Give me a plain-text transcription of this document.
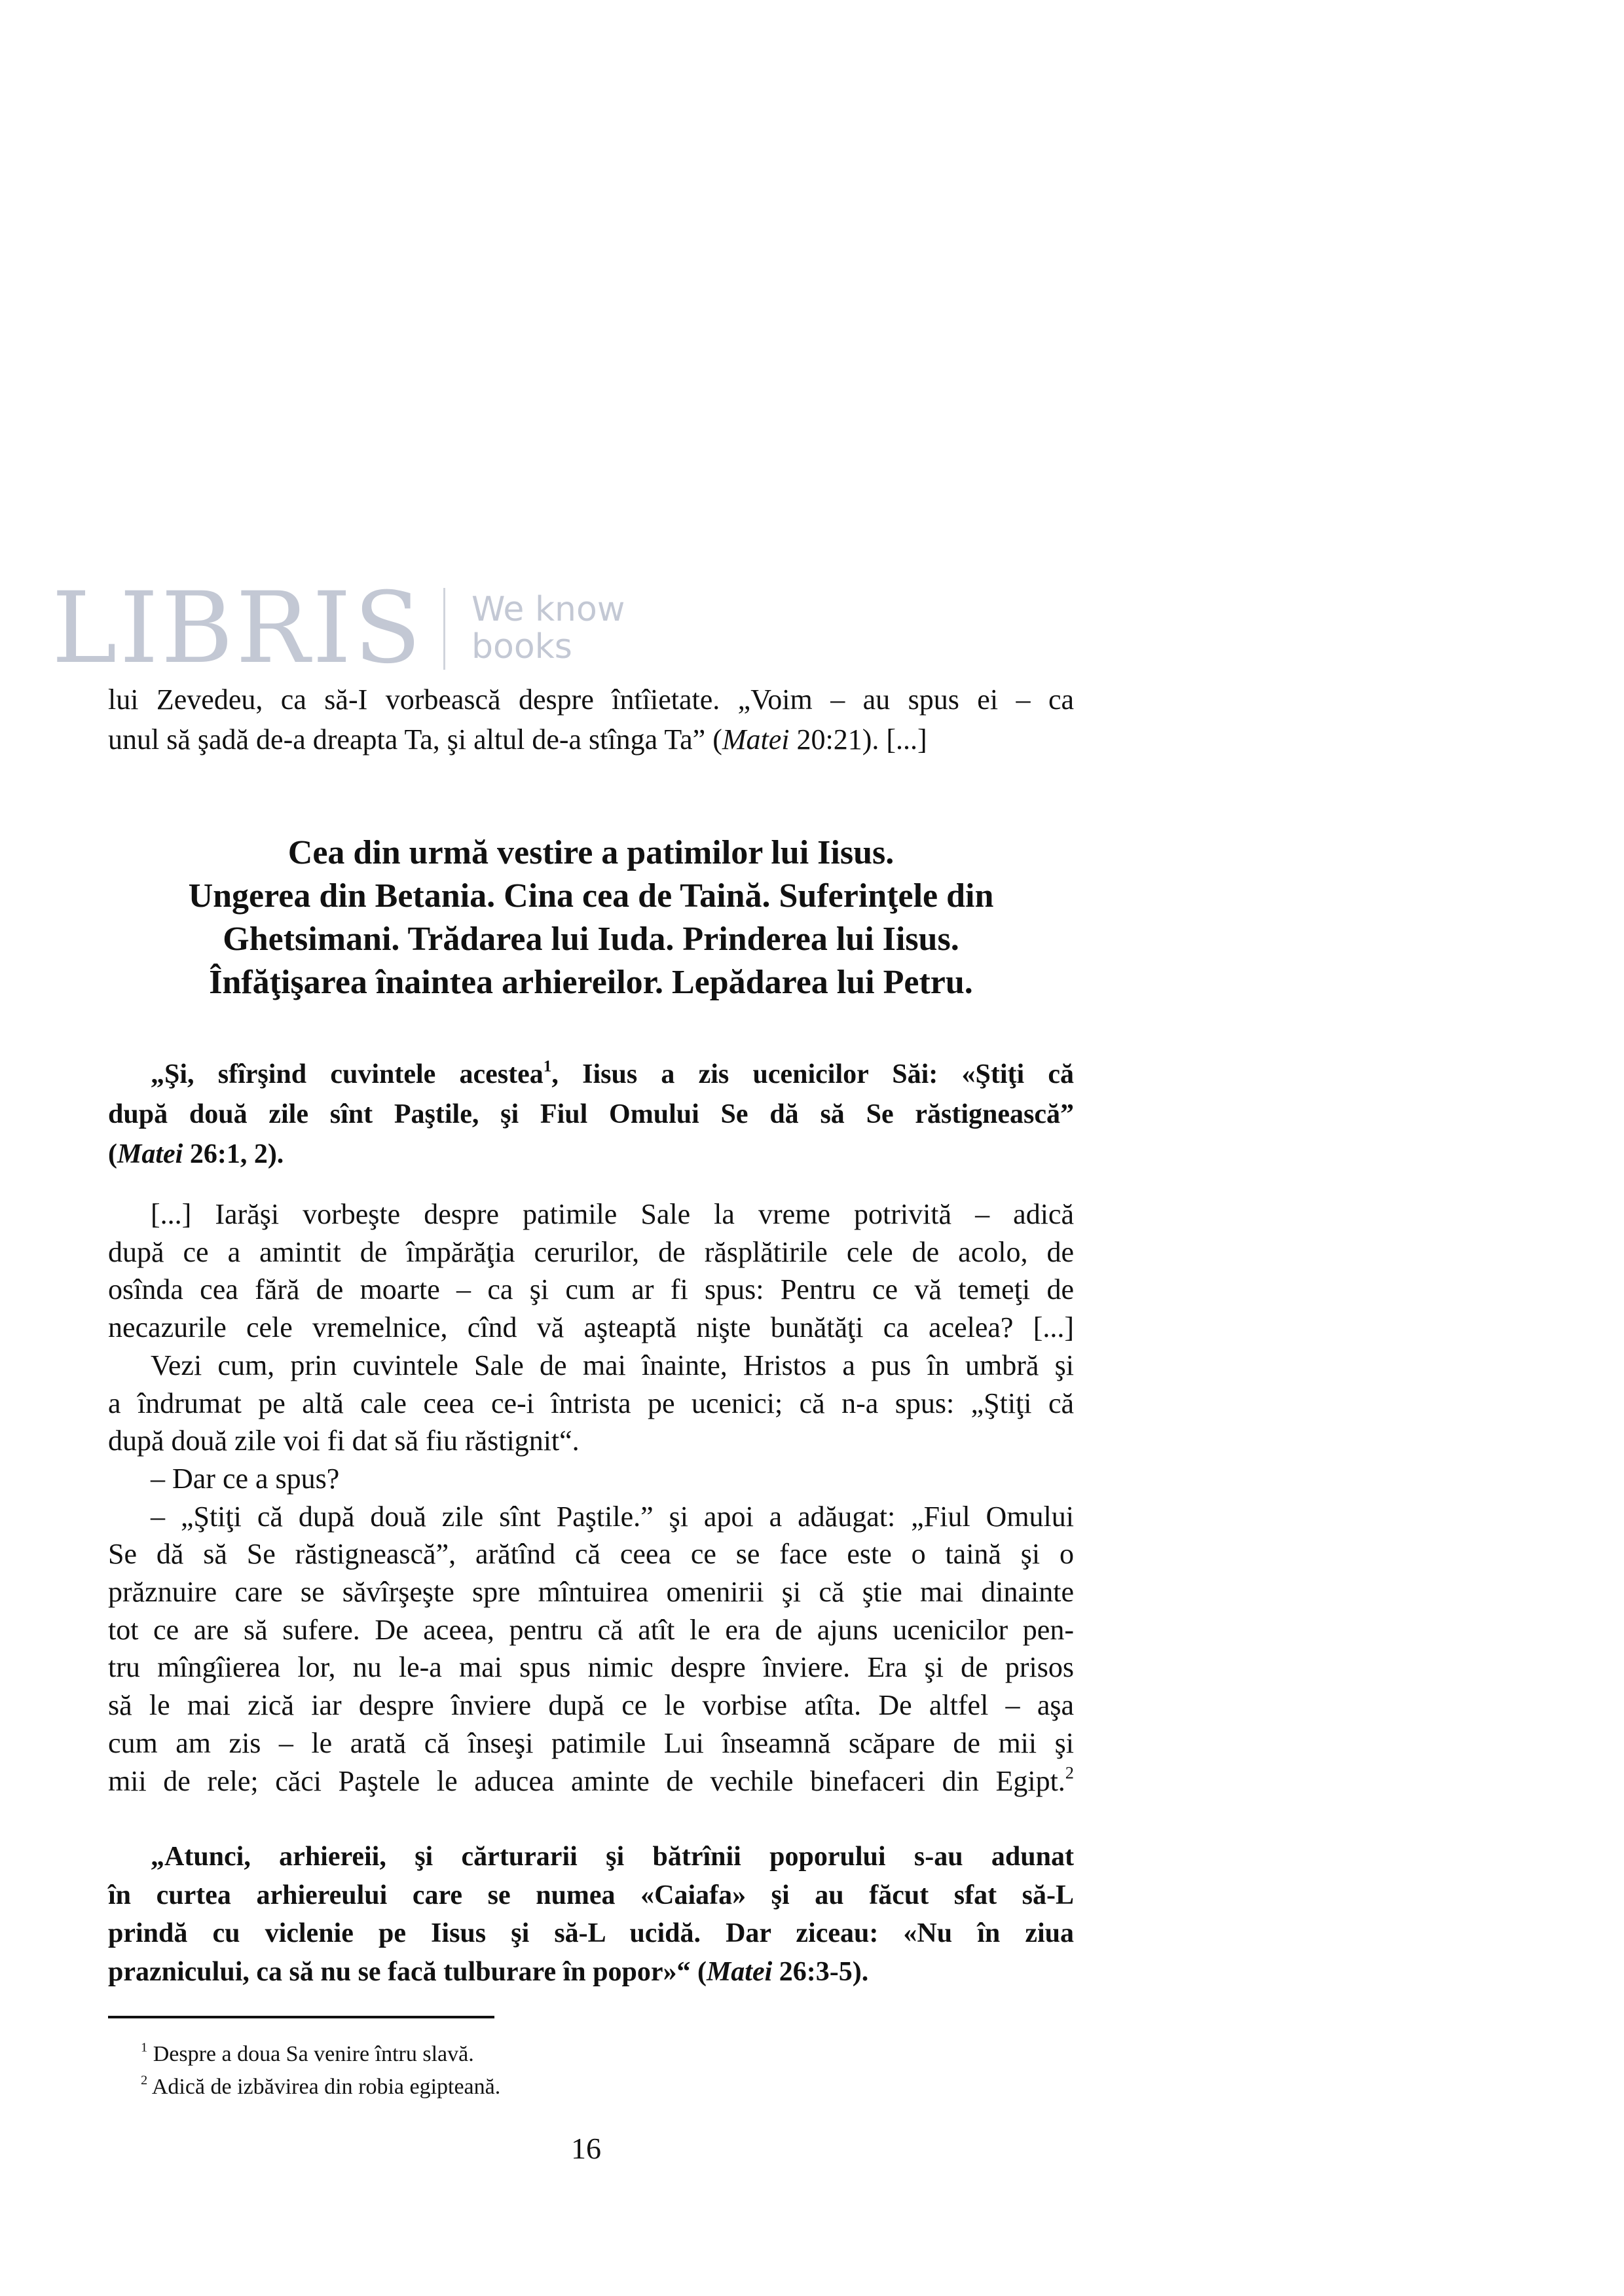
LIBRIS We know
books
lui Zevedeu, ca să-I vorbească despre întîietate. „Voim – au spus ei – ca
unul să şadă de-a dreapta Ta, şi altul de-a stînga Ta” (Matei 20:21). [...]
Cea din urmă vestire a patimilor lui Iisus.
Ungerea din Betania. Cina cea de Taină. Suferinţele din
Ghetsimani. Trădarea lui Iuda. Prinderea lui Iisus.
Înfăţişarea înaintea arhiereilor. Lepădarea lui Petru.
„Şi, sfîrşind cuvintele acestea$^1$, Iisus a zis ucenicilor Săi: «Ştiţi că
după două zile sînt Paştile, şi Fiul Omului Se dă să Se răstignească”
(Matei 26:1, 2).
[...] Iarăşi vorbeşte despre patimile Sale la vreme potrivită – adică
după ce a amintit de împărăţia cerurilor, de răsplătirile cele de acolo, de
osînda cea fără de moarte – ca şi cum ar fi spus: Pentru ce vă temeţi de
necazurile cele vremelnice, cînd vă aşteaptă nişte bunătăţi ca acelea? [...]
Vezi cum, prin cuvintele Sale de mai înainte, Hristos a pus în umbră şi
a îndrumat pe altă cale ceea ce-i întrista pe ucenici; că n-a spus: „Ştiţi că
după două zile voi fi dat să fiu răstignit“.
– Dar ce a spus?
– „Ştiţi că după două zile sînt Paştile.” şi apoi a adăugat: „Fiul Omului
Se dă să Se răstignească”, arătînd că ceea ce se face este o taină şi o
prăznuire care se săvîrşeşte spre mîntuirea omenirii şi că ştie mai dinainte
tot ce are să sufere. De aceea, pentru că atît le era de ajuns ucenicilor pen-
tru mîngîierea lor, nu le-a mai spus nimic despre înviere. Era şi de prisos
să le mai zică iar despre înviere după ce le vorbise atîta. De altfel – aşa
cum am zis – le arată că înseşi patimile Lui înseamnă scăpare de mii şi
mii de rele; căci Paştele le aducea aminte de vechile binefaceri din Egipt.$^2$
„Atunci, arhiereii, şi cărturarii şi bătrînii poporului s-au adunat
în curtea arhiereului care se numea «Caiafa» şi au făcut sfat să-L
prindă cu viclenie pe Iisus şi să-L ucidă. Dar ziceau: «Nu în ziua
praznicului, ca să nu se facă tulburare în popor»“ (Matei 26:3-5).
$^1$ Despre a doua Sa venire întru slavă.
$^2$ Adică de izbăvirea din robia egipteană.
16
